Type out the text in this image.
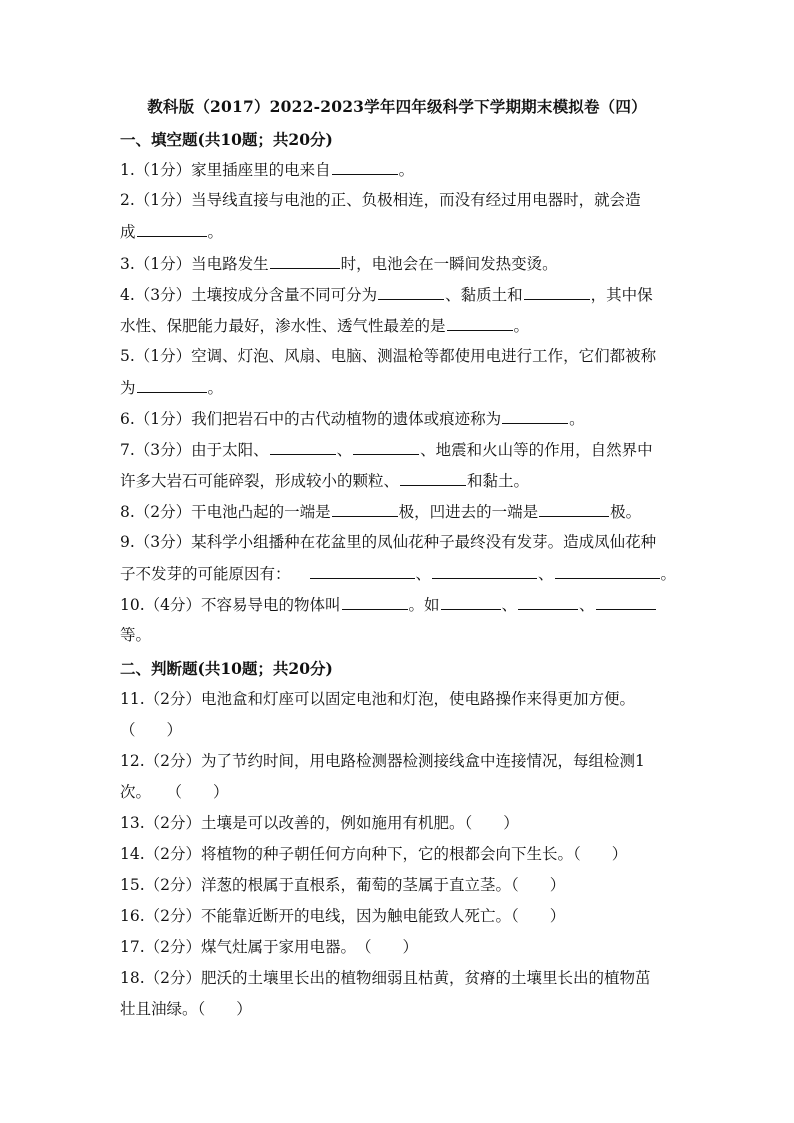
教科版（2017）2022-2023学年四年级科学下学期期末模拟卷（四）
一、填空题(共10题；共20分)
1.（1分）家里插座里的电来自	。
2.（1分）当导线直接与电池的正、负极相连，而没有经过用电器时，就会造
成	。
3.（1分）当电路发生	时，电池会在一瞬间发热变烫。
4.（3分）土壤按成分含量不同可分为	、黏质土和	，其中保
水性、保肥能力最好，渗水性、透气性最差的是	。
5.（1分）空调、灯泡、风扇、电脑、测温枪等都使用电进行工作，它们都被称
为	。
6.（1分）我们把岩石中的古代动植物的遗体或痕迹称为	。
7.（3分）由于太阳、	、	、地震和火山等的作用，自然界中
许多大岩石可能碎裂，形成较小的颗粒、	和黏土。
8.（2分）干电池凸起的一端是	极，凹进去的一端是	极。
9.（3分）某科学小组播种在花盆里的凤仙花种子最终没有发芽。造成凤仙花种
子不发芽的可能原因有：	、	、	。
10.（4分）不容易导电的物体叫	。如	、	、
等。
二、判断题(共10题；共20分)
11.（2分）电池盒和灯座可以固定电池和灯泡，使电路操作来得更加方便。
（　　）
12.（2分）为了节约时间，用电路检测器检测接线盒中连接情况，每组检测1
次。　　（　　）
13.（2分）土壤是可以改善的，例如施用有机肥。（　　）
14.（2分）将植物的种子朝任何方向种下，它的根都会向下生长。（　　）
15.（2分）洋葱的根属于直根系，葡萄的茎属于直立茎。（　　）
16.（2分）不能靠近断开的电线，因为触电能致人死亡。（　　）
17.（2分）煤气灶属于家用电器。　（　　）
18.（2分）肥沃的土壤里长出的植物细弱且枯黄，贫瘠的土壤里长出的植物茁
壮且油绿。（　　）
